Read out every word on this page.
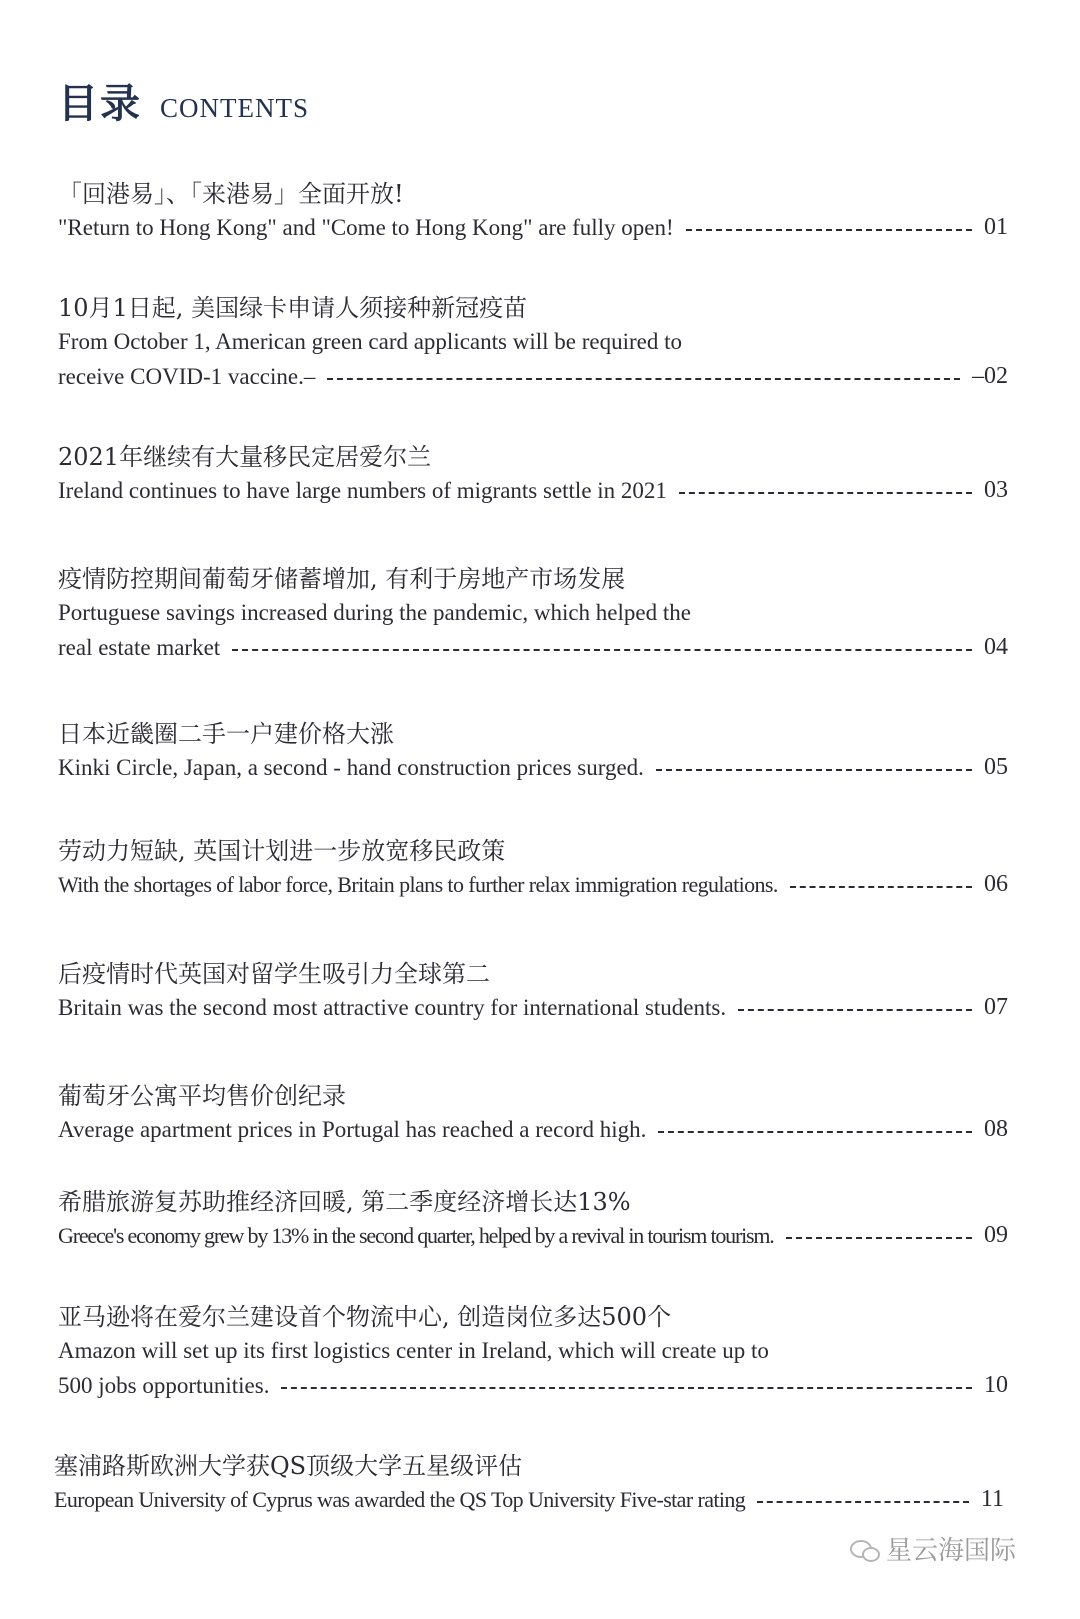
目录 CONTENTS
「回港易」、「来港易」全面开放!
"Return to Hong Kong" and "Come to Hong Kong" are fully open!	01
10月1日起, 美国绿卡申请人须接种新冠疫苗
From October 1, American green card applicants will be required to
receive COVID-1 vaccine.–	–02
2021年继续有大量移民定居爱尔兰
Ireland continues to have large numbers of migrants settle in 2021	03
疫情防控期间葡萄牙储蓄增加, 有利于房地产市场发展
Portuguese savings increased during the pandemic, which helped the
real estate market	04
日本近畿圈二手一户建价格大涨
Kinki Circle, Japan, a second - hand construction prices surged.	05
劳动力短缺, 英国计划进一步放宽移民政策
With the shortages of labor force, Britain plans to further relax immigration regulations.	06
后疫情时代英国对留学生吸引力全球第二
Britain was the second most attractive country for international students.	07
葡萄牙公寓平均售价创纪录
Average apartment prices in Portugal has reached a record high.	08
希腊旅游复苏助推经济回暖, 第二季度经济增长达13%
Greece's economy grew by 13% in the second quarter, helped by a revival in tourism tourism.	09
亚马逊将在爱尔兰建设首个物流中心, 创造岗位多达500个
Amazon will set up its first logistics center in Ireland, which will create up to
500 jobs opportunities.	10
塞浦路斯欧洲大学获QS顶级大学五星级评估
European University of Cyprus was awarded the QS Top University Five-star rating	11
星云海国际
